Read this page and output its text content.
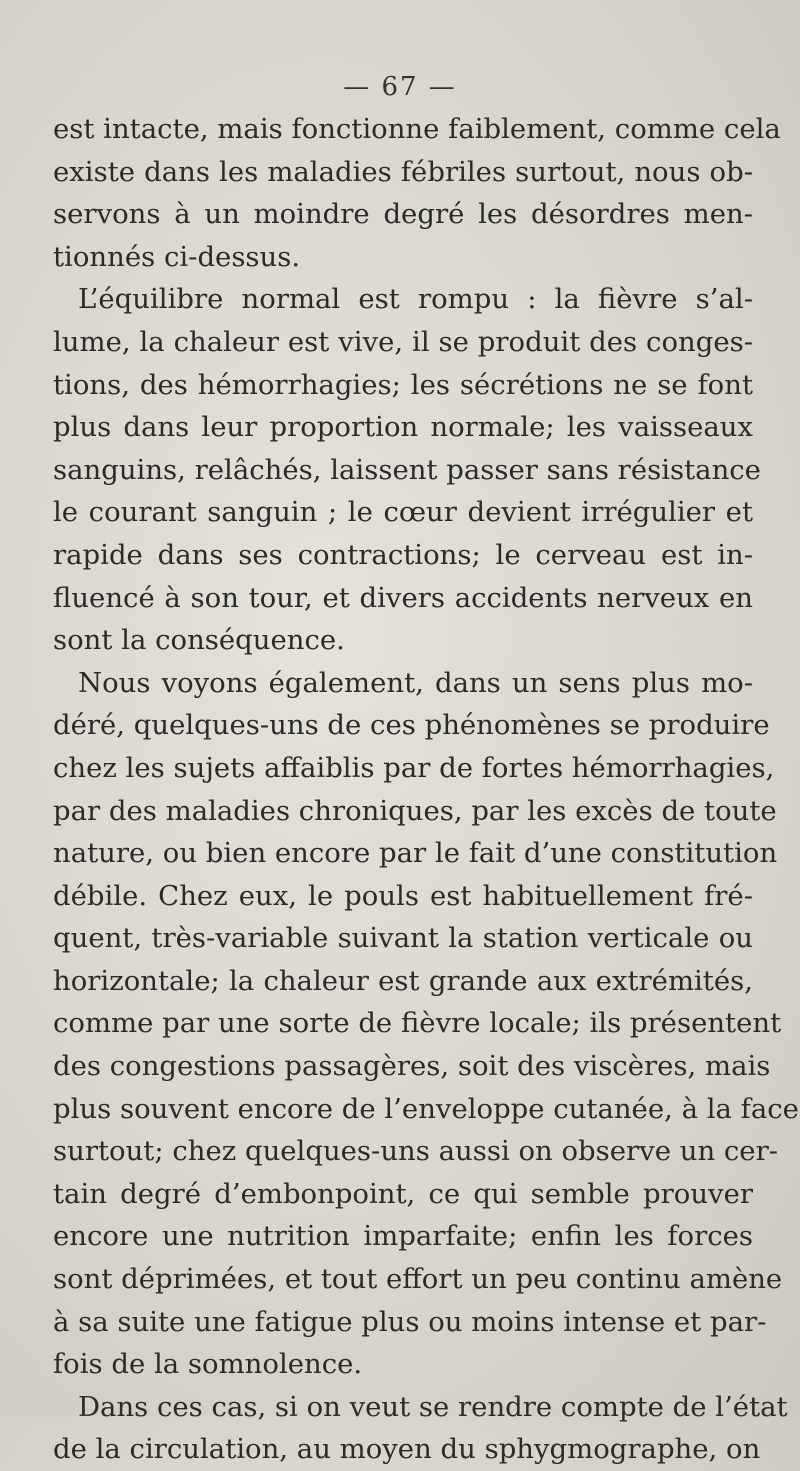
— 67 —
est intacte, mais fonctionne faiblement, comme cela
existe dans les maladies fébriles surtout, nous ob-
servons à un moindre degré les désordres men-
tionnés ci-dessus.
L’équilibre normal est rompu : la fièvre s’al-
lume, la chaleur est vive, il se produit des conges-
tions, des hémorrhagies; les sécrétions ne se font
plus dans leur proportion normale; les vaisseaux
sanguins, relâchés, laissent passer sans résistance
le courant sanguin ; le cœur devient irrégulier et
rapide dans ses contractions; le cerveau est in-
fluencé à son tour, et divers accidents nerveux en
sont la conséquence.
Nous voyons également, dans un sens plus mo-
déré, quelques-uns de ces phénomènes se produire
chez les sujets affaiblis par de fortes hémorrhagies,
par des maladies chroniques, par les excès de toute
nature, ou bien encore par le fait d’une constitution
débile. Chez eux, le pouls est habituellement fré-
quent, très-variable suivant la station verticale ou
horizontale; la chaleur est grande aux extrémités,
comme par une sorte de fièvre locale; ils présentent
des congestions passagères, soit des viscères, mais
plus souvent encore de l’enveloppe cutanée, à la face
surtout; chez quelques-uns aussi on observe un cer-
tain degré d’embonpoint, ce qui semble prouver
encore une nutrition imparfaite; enfin les forces
sont déprimées, et tout effort un peu continu amène
à sa suite une fatigue plus ou moins intense et par-
fois de la somnolence.
Dans ces cas, si on veut se rendre compte de l’état
de la circulation, au moyen du sphygmographe, on
